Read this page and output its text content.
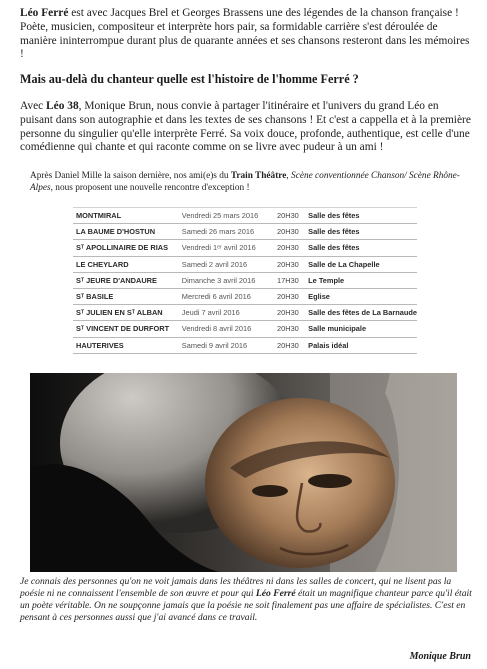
Léo Ferré est avec Jacques Brel et Georges Brassens une des légendes de la chanson française ! Poète, musicien, compositeur et interprète hors pair, sa formidable carrière s'est déroulée de manière ininterrompue durant plus de quarante années et ses chansons resteront dans les mémoires !

Mais au-delà du chanteur quelle est l'histoire de l'homme Ferré ?

Avec Léo 38, Monique Brun, nous convie à partager l'itinéraire et l'univers du grand Léo en puisant dans son autographie et dans les textes de ses chansons ! Et c'est a cappella et à la première personne du singulier qu'elle interprète Ferré. Sa voix douce, profonde, authentique, est celle d'une comédienne qui chante et qui raconte comme on se livre avec pudeur à un ami !

Après Daniel Mille la saison dernière, nos ami(e)s du Train Théâtre, Scène conventionnée Chanson/ Scène Rhône-Alpes, nous proposent une nouvelle rencontre d'exception !

MONTMIRAL	Vendredi 25 mars 2016	20H30	Salle des fêtes
LA BAUME D'HOSTUN	Samedi 26 mars 2016	20H30	Salle des fêtes
Sᵀ APOLLINAIRE DE RIAS	Vendredi 1ᵉʳ avril 2016	20H30	Salle des fêtes
LE CHEYLARD	Samedi 2 avril 2016	20H30	Salle de La Chapelle
Sᵀ JEURE D'ANDAURE	Dimanche 3 avril 2016	17H30	Le Temple
Sᵀ BASILE	Mercredi 6 avril 2016	20H30	Eglise
Sᵀ JULIEN EN Sᵀ ALBAN	Jeudi 7 avril 2016	20H30	Salle des fêtes de La Barnaude
Sᵀ VINCENT DE DURFORT	Vendredi 8 avril 2016	20H30	Salle municipale
HAUTERIVES	Samedi 9 avril 2016	20H30	Palais idéal

Je connais des personnes qu'on ne voit jamais dans les théâtres ni dans les salles de concert, qui ne lisent pas la poésie ni ne connaissent l'ensemble de son œuvre et pour qui Léo Ferré était un magnifique chanteur parce qu'il était un poète véritable. On ne soupçonne jamais que la poésie ne soit finalement pas une affaire de spécialistes. C'est en pensant à ces personnes aussi que j'ai avancé dans ce travail.

Monique Brun
